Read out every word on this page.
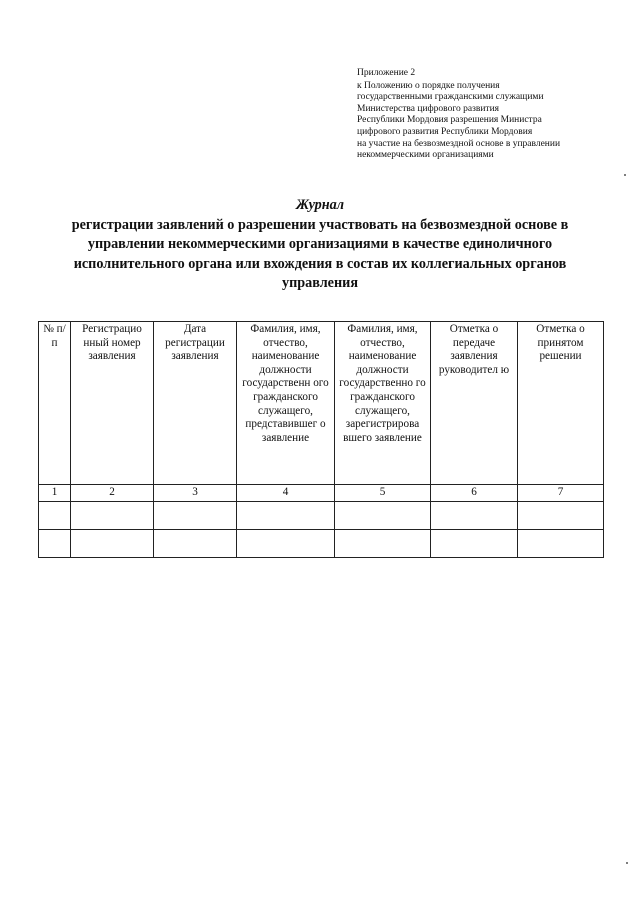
Приложение 2
к Положению о порядке получения
государственными гражданскими служащими
Министерства цифрового развития
Республики Мордовия разрешения Министра
цифрового развития Республики Мордовия
на участие на безвозмездной основе в управлении
некоммерческими организациями
Журнал
регистрации заявлений о разрешении участвовать на безвозмездной основе в управлении некоммерческими организациями в качестве единоличного исполнительного органа или вхождения в состав их коллегиальных органов управления
№ п/п	Регистрацио нный номер заявления	Дата регистрации заявления	Фамилия, имя, отчество, наименование должности государственн ого гражданского служащего, представившег о заявление	Фамилия, имя, отчество, наименование должности государственно го гражданского служащего, зарегистрирова вшего заявление	Отметка о передаче заявления руководител ю	Отметка о принятом решении
1	2	3	4	5	6	7
